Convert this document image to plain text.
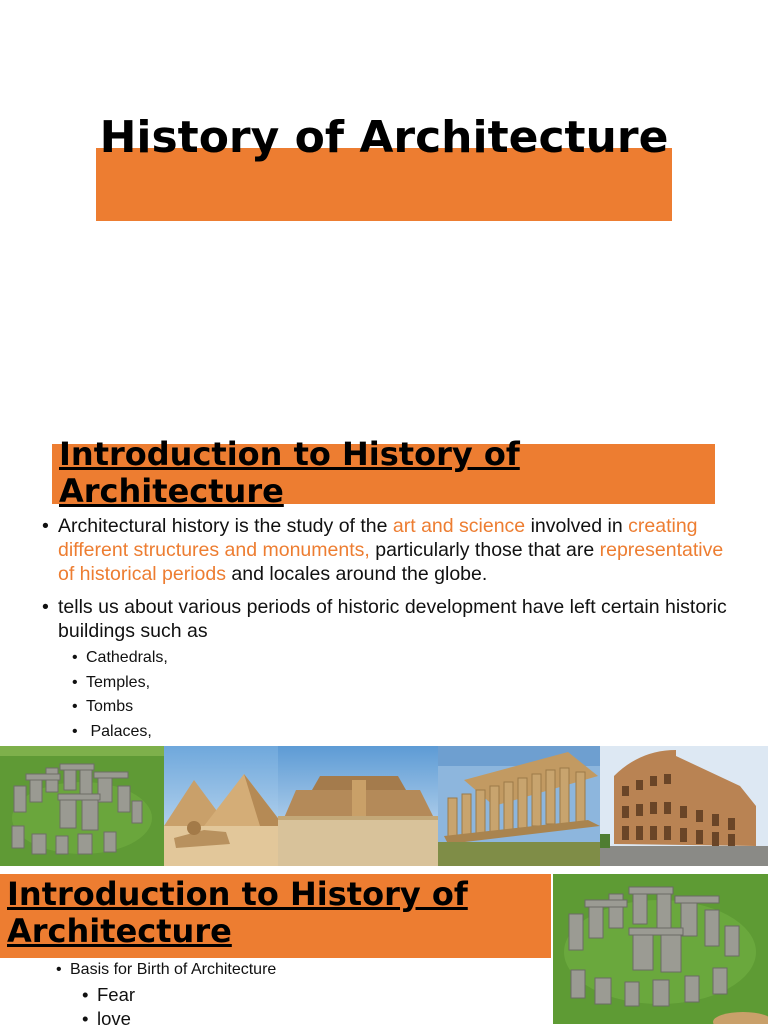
History of Architecture
Introduction to History of Architecture
• Architectural history is the study of the art and science involved in creating different structures and monuments, particularly those that are representative of historical periods and locales around the globe.
• tells us about various periods of historic development have left certain historic buildings such as
• Cathedrals,
• Temples,
• Tombs
• Palaces,
Introduction to History of Architecture
• Basis for Birth of Architecture
• Fear
• love
